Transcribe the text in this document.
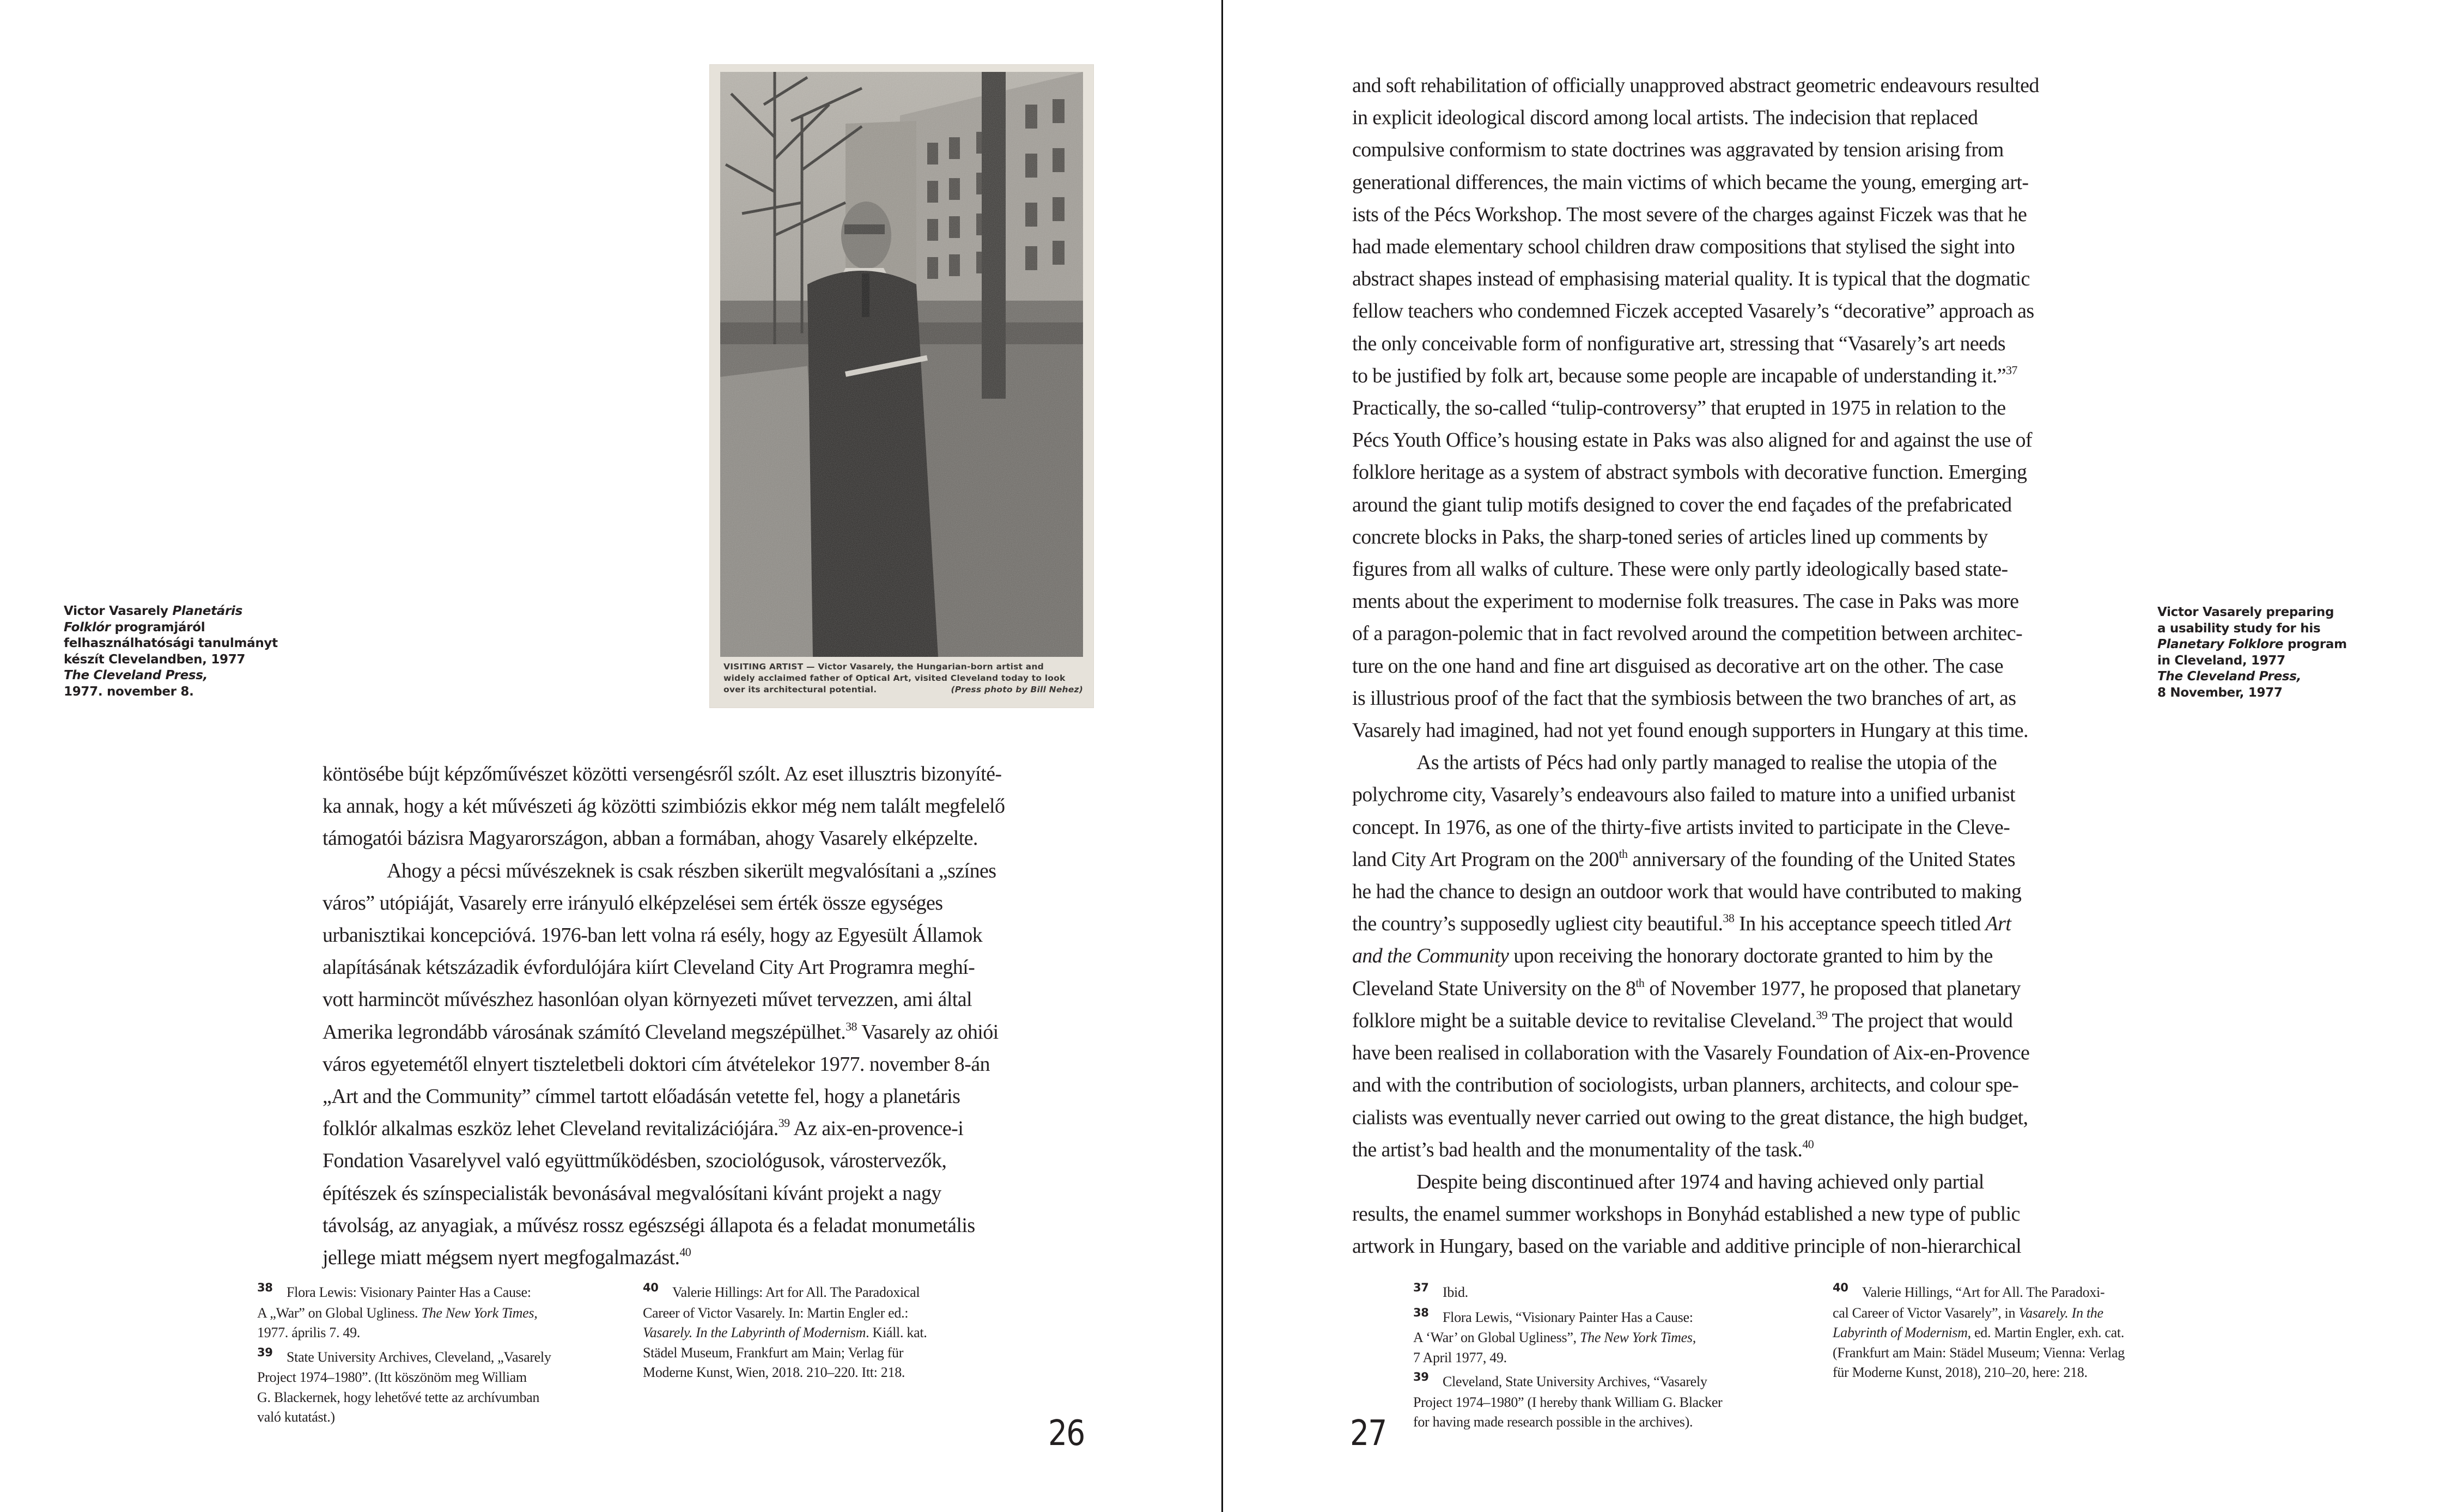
Victor Vasarely Planetáris
Folklór programjáról
felhasználhatósági tanulmányt
készít Clevelandben, 1977
The Cleveland Press,
1977. november 8.
VISITING ARTIST — Victor Vasarely, the Hungarian-born artist and
widely acclaimed father of Optical Art, visited Cleveland today to look
over its architectural potential.	(Press photo by Bill Nehez)

köntösébe bújt képzőművészet közötti versengésről szólt. Az eset illusztris bizonyíté-
ka annak, hogy a két művészeti ág közötti szimbiózis ekkor még nem talált megfelelő
támogatói bázisra Magyarországon, abban a formában, ahogy Vasarely elképzelte.

Ahogy a pécsi művészeknek is csak részben sikerült megvalósítani a „színes
város” utópiáját, Vasarely erre irányuló elképzelései sem érték össze egységes
urbanisztikai koncepcióvá. 1976-ban lett volna rá esély, hogy az Egyesült Államok
alapításának kétszázadik évfordulójára kiírt Cleveland City Art Programra meghí-
vott harmincöt művészhez hasonlóan olyan környezeti művet tervezzen, ami által
Amerika legrondább városának számító Cleveland megszépülhet.$^{38}$ Vasarely az ohiói
város egyetemétől elnyert tiszteletbeli doktori cím átvételekor 1977. november 8-án
„Art and the Community” címmel tartott előadásán vetette fel, hogy a planetáris
folklór alkalmas eszköz lehet Cleveland revitalizációjára.$^{39}$ Az aix-en-provence-i
Fondation Vasarelyvel való együttműködésben, szociológusok, várostervezők,
építészek és színspecialisták bevonásával megvalósítani kívánt projekt a nagy
távolság, az anyagiak, a művész rossz egészségi állapota és a feladat monumetális
jellege miatt mégsem nyert megfogalmazást.$^{40}$

38 Flora Lewis: Visionary Painter Has a Cause:

A „War” on Global Ugliness. The New York Times,
1977. április 7. 49.
39 State University Archives, Cleveland, „Vasarely

Project 1974–1980”. (Itt köszönöm meg William
G. Blackernek, hogy lehetővé tette az archívumban
való kutatást.)
40 Valerie Hillings: Art for All. The Paradoxical

Career of Victor Vasarely. In: Martin Engler ed.:
Vasarely. In the Labyrinth of Modernism. Kiáll. kat.
Städel Museum, Frankfurt am Main; Verlag für
Moderne Kunst, Wien, 2018. 210–220. Itt: 218.
26

and soft rehabilitation of officially unapproved abstract geometric endeavours resulted
in explicit ideological discord among local artists. The indecision that replaced
compulsive conformism to state doctrines was aggravated by tension arising from
generational differences, the main victims of which became the young, emerging art-
ists of the Pécs Workshop. The most severe of the charges against Ficzek was that he
had made elementary school children draw compositions that stylised the sight into
abstract shapes instead of emphasising material quality. It is typical that the dogmatic
fellow teachers who condemned Ficzek accepted Vasarely’s “decorative” approach as
the only conceivable form of nonfigurative art, stressing that “Vasarely’s art needs
to be justified by folk art, because some people are incapable of understanding it.”$^{37}$
Practically, the so-called “tulip-controversy” that erupted in 1975 in relation to the
Pécs Youth Office’s housing estate in Paks was also aligned for and against the use of
folklore heritage as a system of abstract symbols with decorative function. Emerging
around the giant tulip motifs designed to cover the end façades of the prefabricated
concrete blocks in Paks, the sharp-toned series of articles lined up comments by
figures from all walks of culture. These were only partly ideologically based state-
ments about the experiment to modernise folk treasures. The case in Paks was more
of a paragon-polemic that in fact revolved around the competition between architec-
ture on the one hand and fine art disguised as decorative art on the other. The case
is illustrious proof of the fact that the symbiosis between the two branches of art, as
Vasarely had imagined, had not yet found enough supporters in Hungary at this time.

As the artists of Pécs had only partly managed to realise the utopia of the
polychrome city, Vasarely’s endeavours also failed to mature into a unified urbanist
concept. In 1976, as one of the thirty-five artists invited to participate in the Cleve-
land City Art Program on the 200th anniversary of the founding of the United States
he had the chance to design an outdoor work that would have contributed to making
the country’s supposedly ugliest city beautiful.$^{38}$ In his acceptance speech titled Art
and the Community upon receiving the honorary doctorate granted to him by the
Cleveland State University on the 8th of November 1977, he proposed that planetary
folklore might be a suitable device to revitalise Cleveland.$^{39}$ The project that would
have been realised in collaboration with the Vasarely Foundation of Aix-en-Provence
and with the contribution of sociologists, urban planners, architects, and colour spe-
cialists was eventually never carried out owing to the great distance, the high budget,
the artist’s bad health and the monumentality of the task.$^{40}$

Despite being discontinued after 1974 and having achieved only partial
results, the enamel summer workshops in Bonyhád established a new type of public
artwork in Hungary, based on the variable and additive principle of non-hierarchical

Victor Vasarely preparing
a usability study for his
Planetary Folklore program
in Cleveland, 1977
The Cleveland Press,
8 November, 1977
37 Ibid.

38 Flora Lewis, “Visionary Painter Has a Cause:

A ‘War’ on Global Ugliness”, The New York Times,
7 April 1977, 49.
39 Cleveland, State University Archives, “Vasarely

Project 1974–1980” (I hereby thank William G. Blacker
for having made research possible in the archives).
40 Valerie Hillings, “Art for All. The Paradoxi-

cal Career of Victor Vasarely”, in Vasarely. In the
Labyrinth of Modernism, ed. Martin Engler, exh. cat.
(Frankfurt am Main: Städel Museum; Vienna: Verlag
für Moderne Kunst, 2018), 210–20, here: 218.
27
